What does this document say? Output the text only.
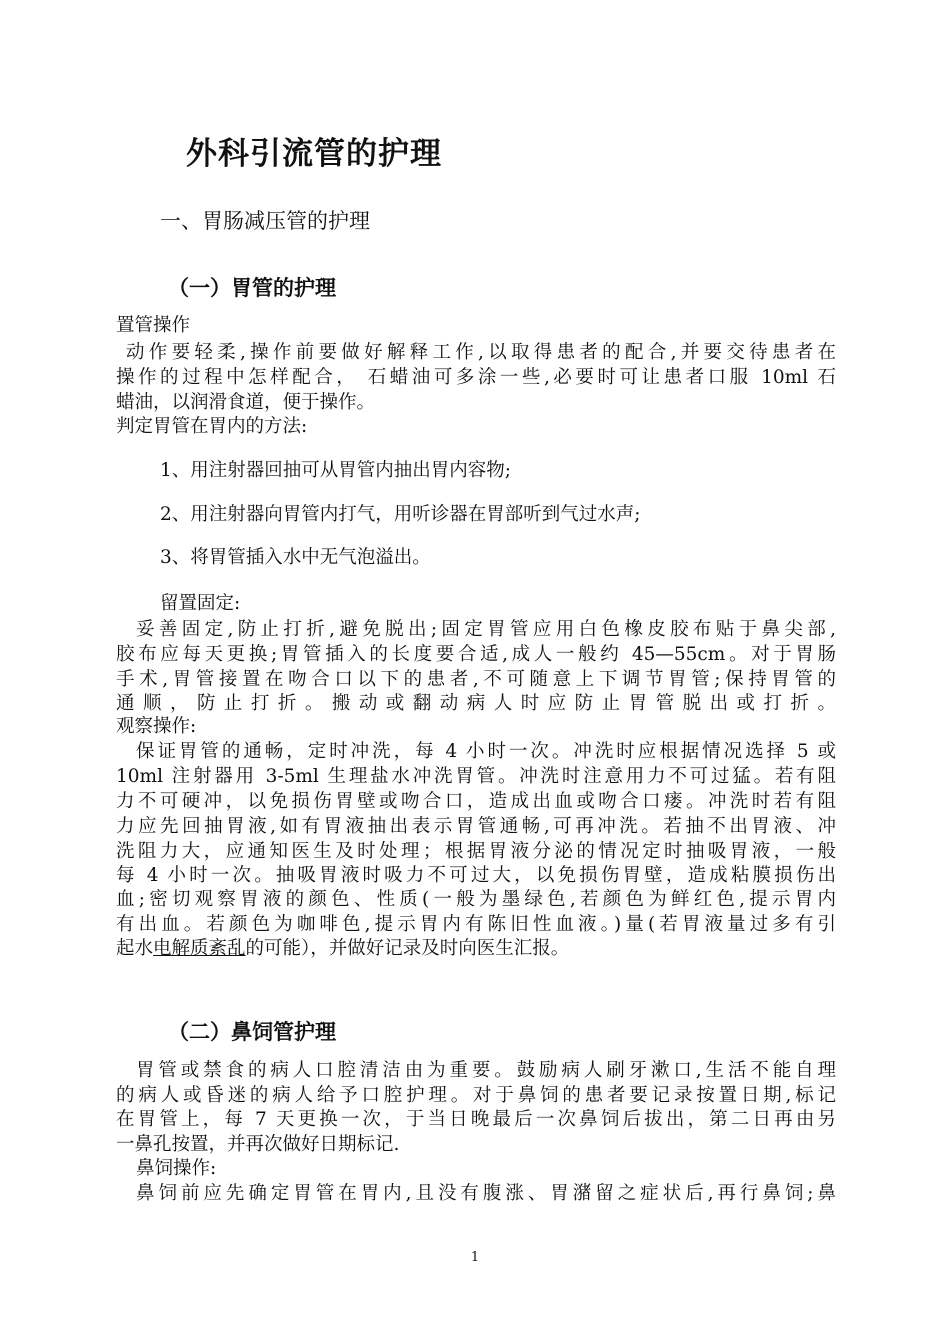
外科引流管的护理
一、胃肠减压管的护理
（一）胃管的护理

置管操作

动作要轻柔,操作前要做好解释工作,以取得患者的配合,并要交待患者在

操作的过程中怎样配合， 石蜡油可多涂一些,必要时可让患者口服 10ml 石

蜡油，以润滑食道，便于操作。

判定胃管在胃内的方法:

1、用注射器回抽可从胃管内抽出胃内容物;

2、用注射器向胃管内打气，用听诊器在胃部听到气过水声;

3、将胃管插入水中无气泡溢出。

留置固定:

妥善固定,防止打折,避免脱出;固定胃管应用白色橡皮胶布贴于鼻尖部,

胶布应每天更换;胃管插入的长度要合适,成人一般约 45—55cm。对于胃肠

手术,胃管接置在吻合口以下的患者,不可随意上下调节胃管;保持胃管的

通顺，防止打折。搬动或翻动病人时应防止胃管脱出或打折。

观察操作:

保证胃管的通畅，定时冲洗，每 4 小时一次。冲洗时应根据情况选择 5 或

10ml 注射器用 3-5ml 生理盐水冲洗胃管。冲洗时注意用力不可过猛。若有阻

力不可硬冲，以免损伤胃壁或吻合口，造成出血或吻合口瘘。冲洗时若有阻

力应先回抽胃液,如有胃液抽出表示胃管通畅,可再冲洗。若抽不出胃液、冲

洗阻力大，应通知医生及时处理；根据胃液分泌的情况定时抽吸胃液，一般

每 4 小时一次。抽吸胃液时吸力不可过大，以免损伤胃壁，造成粘膜损伤出

血;密切观察胃液的颜色、性质(一般为墨绿色,若颜色为鲜红色,提示胃内

有出血。若颜色为咖啡色,提示胃内有陈旧性血液。)量(若胃液量过多有引

起水电解质紊乱的可能），并做好记录及时向医生汇报。

（二）鼻饲管护理

胃管或禁食的病人口腔清洁由为重要。鼓励病人刷牙漱口,生活不能自理

的病人或昏迷的病人给予口腔护理。对于鼻饲的患者要记录按置日期,标记

在胃管上，每 7 天更换一次，于当日晚最后一次鼻饲后拔出，第二日再由另

一鼻孔按置，并再次做好日期标记.

鼻饲操作:

鼻饲前应先确定胃管在胃内,且没有腹涨、胃潴留之症状后,再行鼻饲;鼻

1
